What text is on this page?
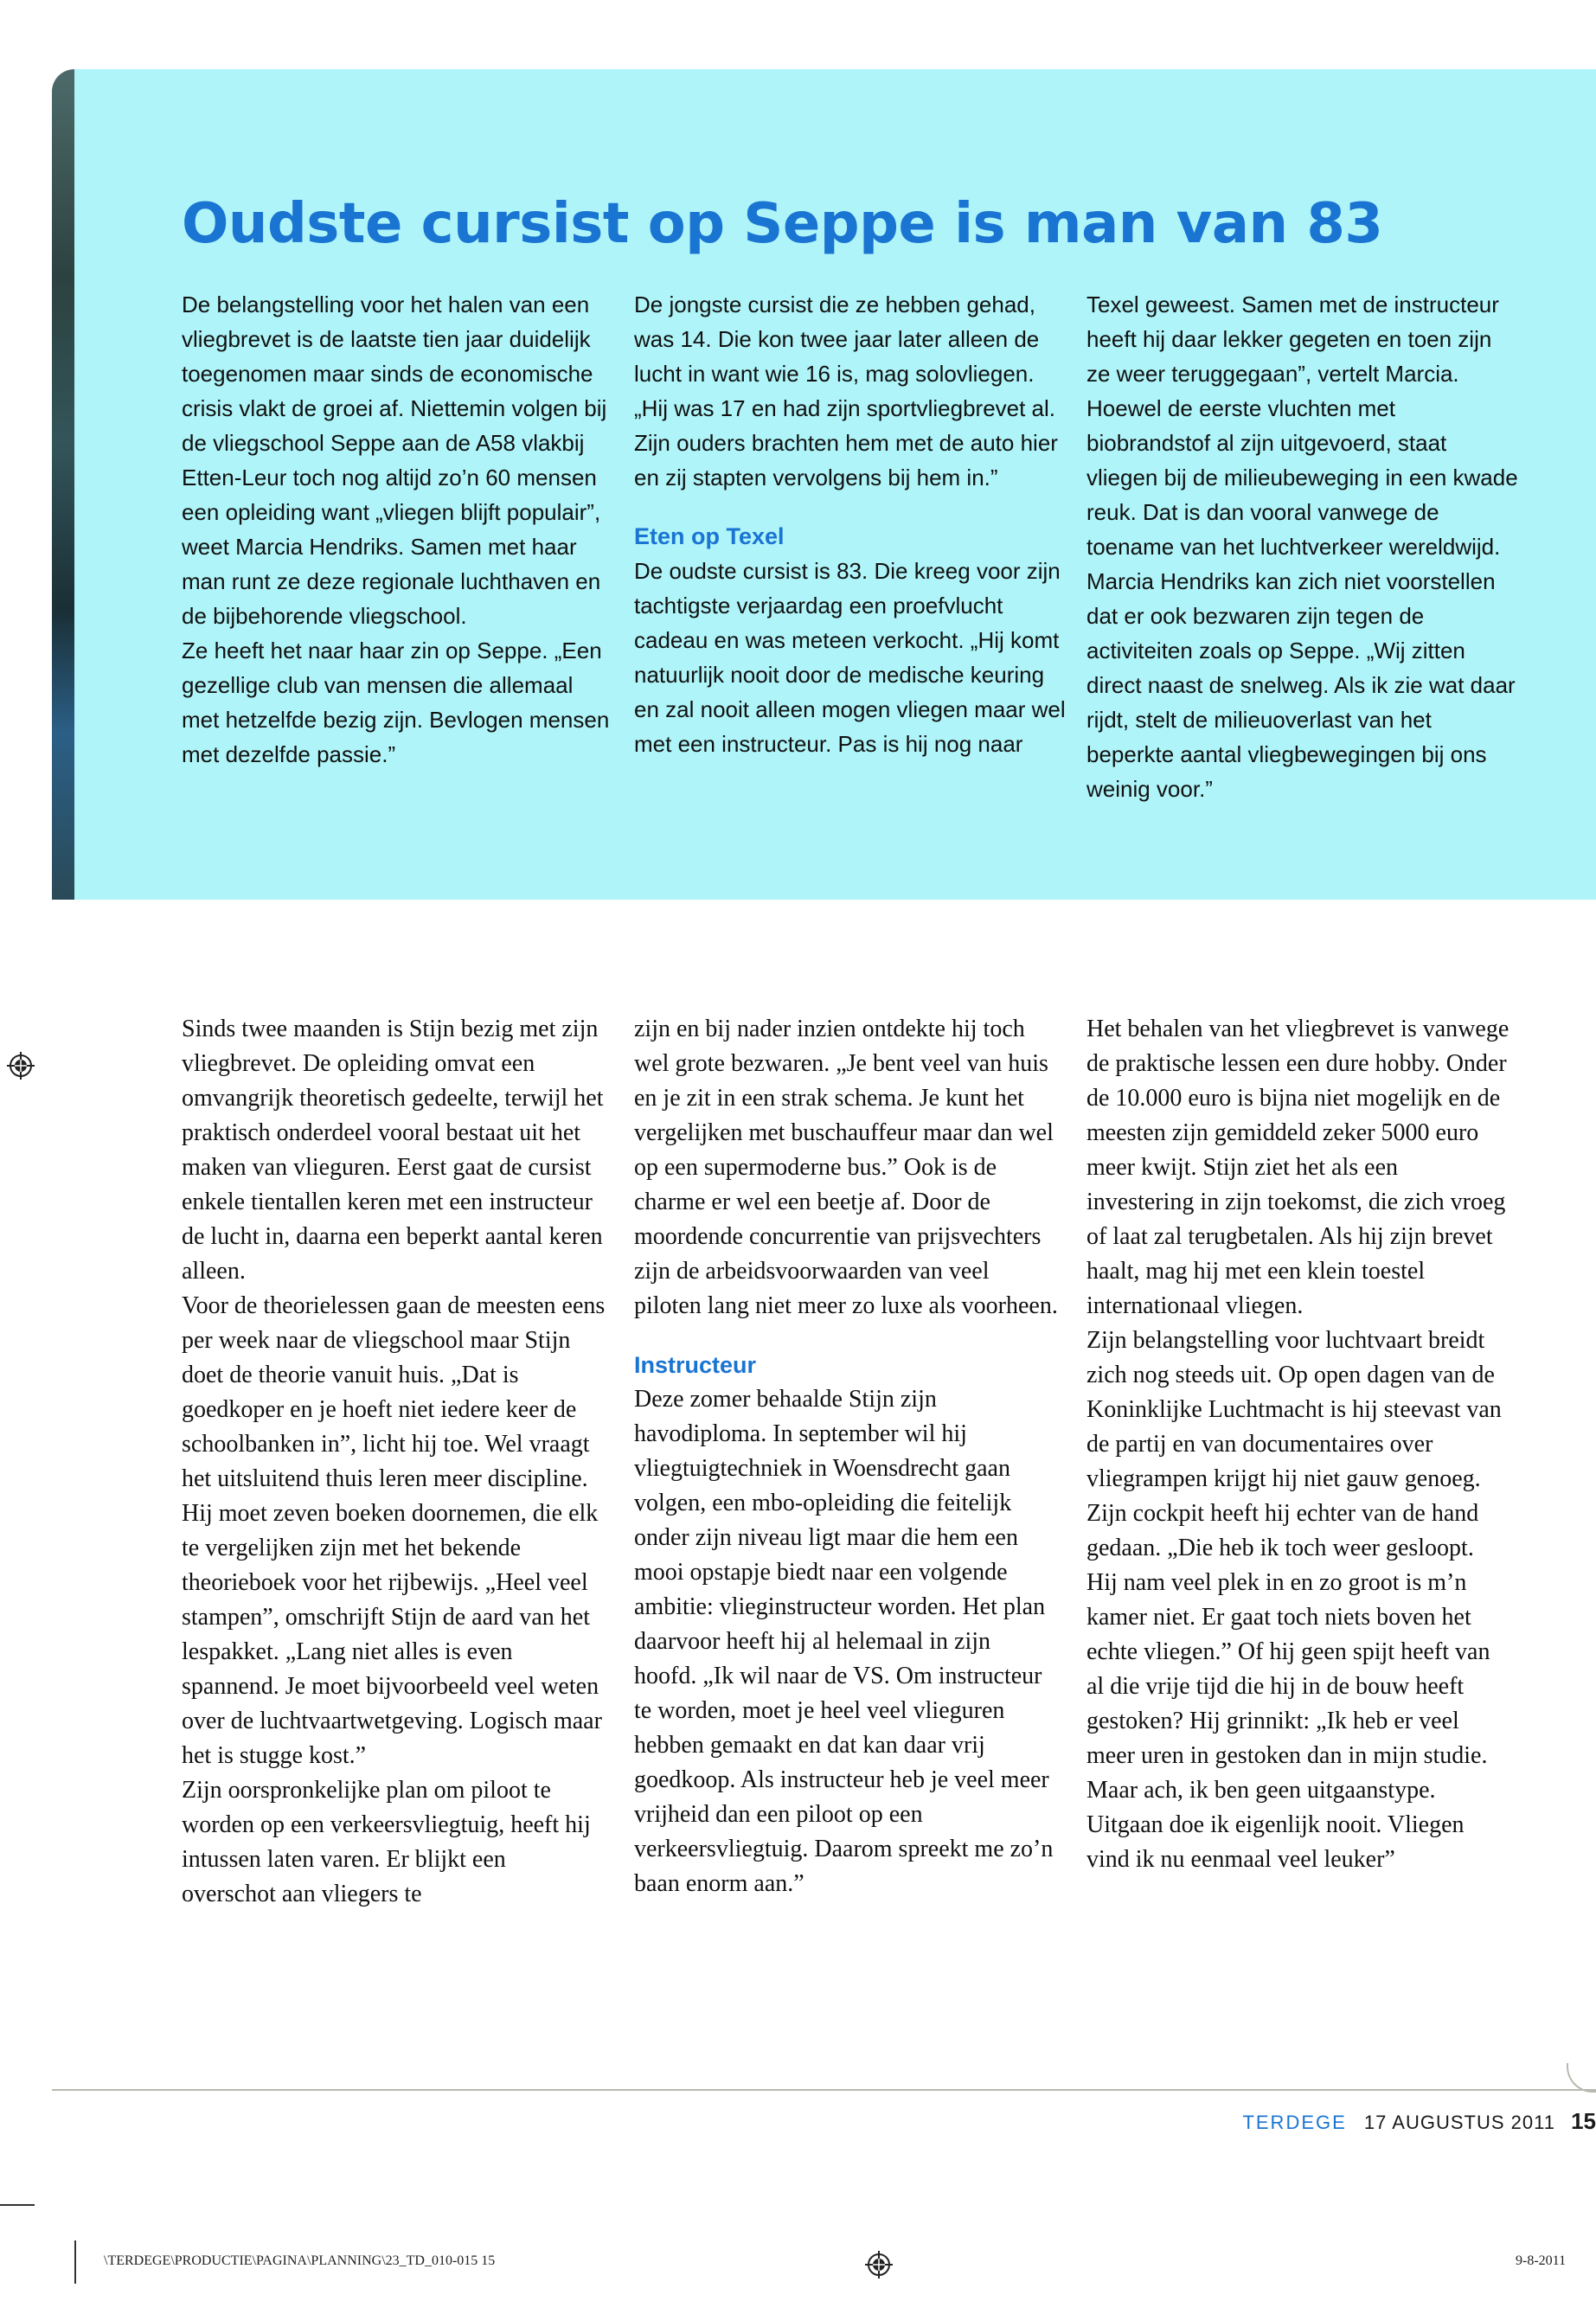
Oudste cursist op Seppe is man van 83

De belangstelling voor het halen van een vliegbrevet is de laatste tien jaar duidelijk toegenomen maar sinds de economische crisis vlakt de groei af. Niettemin volgen bij de vliegschool Seppe aan de A58 vlakbij Etten-Leur toch nog altijd zo’n 60 mensen een opleiding want „vliegen blijft populair”, weet Marcia Hendriks. Samen met haar man runt ze deze regionale luchthaven en de bijbehorende vliegschool.

Ze heeft het naar haar zin op Seppe. „Een gezellige club van mensen die allemaal met hetzelfde bezig zijn. Bevlogen mensen met dezelfde passie.”

De jongste cursist die ze hebben gehad, was 14. Die kon twee jaar later alleen de lucht in want wie 16 is, mag solovliegen. „Hij was 17 en had zijn sportvliegbrevet al. Zijn ouders brachten hem met de auto hier en zij stapten vervolgens bij hem in.”

Eten op Texel

De oudste cursist is 83. Die kreeg voor zijn tachtigste verjaardag een proefvlucht cadeau en was meteen verkocht. „Hij komt natuurlijk nooit door de medische keuring en zal nooit alleen mogen vliegen maar wel met een instructeur. Pas is hij nog naar

Texel geweest. Samen met de instructeur heeft hij daar lekker gegeten en toen zijn ze weer teruggegaan”, vertelt Marcia.

Hoewel de eerste vluchten met biobrandstof al zijn uitgevoerd, staat vliegen bij de milieubeweging in een kwade reuk. Dat is dan vooral vanwege de toename van het luchtverkeer wereldwijd. Marcia Hendriks kan zich niet voorstellen dat er ook bezwaren zijn tegen de activiteiten zoals op Seppe. „Wij zitten direct naast de snelweg. Als ik zie wat daar rijdt, stelt de milieuoverlast van het beperkte aantal vliegbewegingen bij ons weinig voor.”

Sinds twee maanden is Stijn bezig met zijn vliegbrevet. De opleiding omvat een omvangrijk theoretisch gedeelte, terwijl het praktisch onderdeel vooral bestaat uit het maken van vlieguren. Eerst gaat de cursist enkele tientallen keren met een instructeur de lucht in, daarna een beperkt aantal keren alleen.

Voor de theorielessen gaan de meesten eens per week naar de vliegschool maar Stijn doet de theorie vanuit huis. „Dat is goedkoper en je hoeft niet iedere keer de schoolbanken in”, licht hij toe. Wel vraagt het uitsluitend thuis leren meer discipline. Hij moet zeven boeken doornemen, die elk te vergelijken zijn met het bekende theorieboek voor het rijbewijs. „Heel veel stampen”, omschrijft Stijn de aard van het lespakket. „Lang niet alles is even spannend. Je moet bijvoorbeeld veel weten over de luchtvaartwetgeving. Logisch maar het is stugge kost.”

Zijn oorspronkelijke plan om piloot te worden op een verkeersvliegtuig, heeft hij intussen laten varen. Er blijkt een overschot aan vliegers te

zijn en bij nader inzien ontdekte hij toch wel grote bezwaren. „Je bent veel van huis en je zit in een strak schema. Je kunt het vergelijken met buschauffeur maar dan wel op een supermoderne bus.” Ook is de charme er wel een beetje af. Door de moordende concurrentie van prijsvechters zijn de arbeidsvoorwaarden van veel piloten lang niet meer zo luxe als voorheen.

Instructeur

Deze zomer behaalde Stijn zijn havodiploma. In september wil hij vliegtuigtechniek in Woensdrecht gaan volgen, een mbo-opleiding die feitelijk onder zijn niveau ligt maar die hem een mooi opstapje biedt naar een volgende ambitie: vlieginstructeur worden. Het plan daarvoor heeft hij al helemaal in zijn hoofd. „Ik wil naar de VS. Om instructeur te worden, moet je heel veel vlieguren hebben gemaakt en dat kan daar vrij goedkoop. Als instructeur heb je veel meer vrijheid dan een piloot op een verkeersvliegtuig. Daarom spreekt me zo’n baan enorm aan.”

Het behalen van het vliegbrevet is vanwege de praktische lessen een dure hobby. Onder de 10.000 euro is bijna niet mogelijk en de meesten zijn gemiddeld zeker 5000 euro meer kwijt. Stijn ziet het als een investering in zijn toekomst, die zich vroeg of laat zal terugbetalen. Als hij zijn brevet haalt, mag hij met een klein toestel internationaal vliegen.

Zijn belangstelling voor luchtvaart breidt zich nog steeds uit. Op open dagen van de Koninklijke Luchtmacht is hij steevast van de partij en van documentaires over vliegrampen krijgt hij niet gauw genoeg. Zijn cockpit heeft hij echter van de hand gedaan. „Die heb ik toch weer gesloopt. Hij nam veel plek in en zo groot is m’n kamer niet. Er gaat toch niets boven het echte vliegen.” Of hij geen spijt heeft van al die vrije tijd die hij in de bouw heeft gestoken? Hij grinnikt: „Ik heb er veel meer uren in gestoken dan in mijn studie. Maar ach, ik ben geen uitgaanstype. Uitgaan doe ik eigenlijk nooit. Vliegen vind ik nu eenmaal veel leuker”

TERDEGE 17 AUGUSTUS 2011 15
\TERDEGE\PRODUCTIE\PAGINA\PLANNING\23_TD_010-015 15	9-8-2011
